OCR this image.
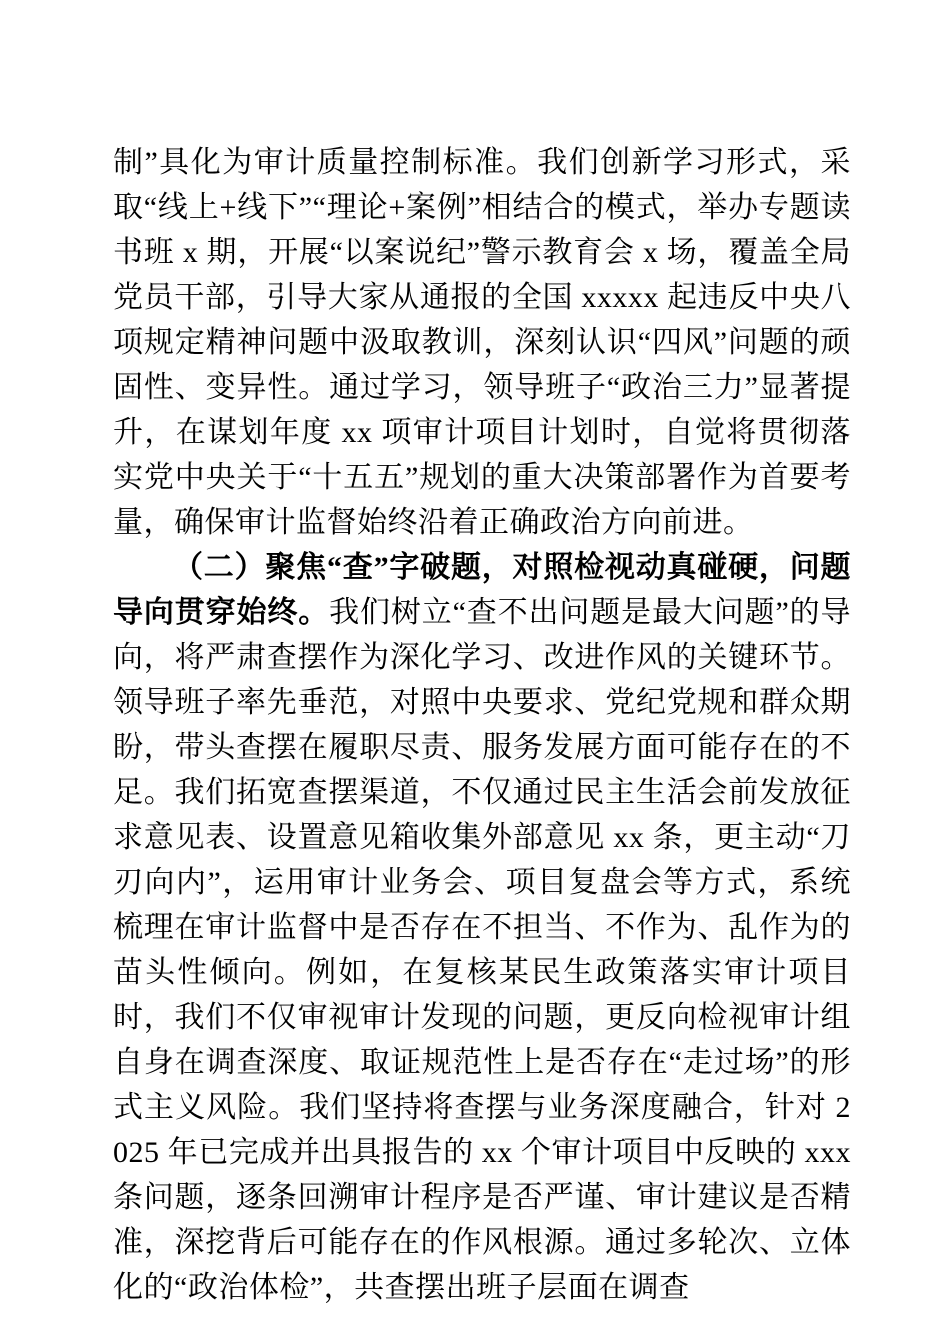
制”具化为审计质量控制标准。我们创新学习形式，采取“线上+线下”“理论+案例”相结合的模式，举办专题读书班 x 期，开展“以案说纪”警示教育会 x 场，覆盖全局党员干部，引导大家从通报的全国 xxxxx 起违反中央八项规定精神问题中汲取教训，深刻认识“四风”问题的顽固性、变异性。通过学习，领导班子“政治三力”显著提升，在谋划年度 xx 项审计项目计划时，自觉将贯彻落实党中央关于“十五五”规划的重大决策部署作为首要考量，确保审计监督始终沿着正确政治方向前进。

（二）聚焦“查”字破题，对照检视动真碰硬，问题导向贯穿始终。我们树立“查不出问题是最大问题”的导向，将严肃查摆作为深化学习、改进作风的关键环节。领导班子率先垂范，对照中央要求、党纪党规和群众期盼，带头查摆在履职尽责、服务发展方面可能存在的不足。我们拓宽查摆渠道，不仅通过民主生活会前发放征求意见表、设置意见箱收集外部意见 xx 条，更主动“刀刃向内”，运用审计业务会、项目复盘会等方式，系统梳理在审计监督中是否存在不担当、不作为、乱作为的苗头性倾向。例如，在复核某民生政策落实审计项目时，我们不仅审视审计发现的问题，更反向检视审计组自身在调查深度、取证规范性上是否存在“走过场”的形式主义风险。我们坚持将查摆与业务深度融合，针对 2025 年已完成并出具报告的 xx 个审计项目中反映的 xxx 条问题，逐条回溯审计程序是否严谨、审计建议是否精准，深挖背后可能存在的作风根源。通过多轮次、立体化的“政治体检”，共查摆出班子层面在调查
